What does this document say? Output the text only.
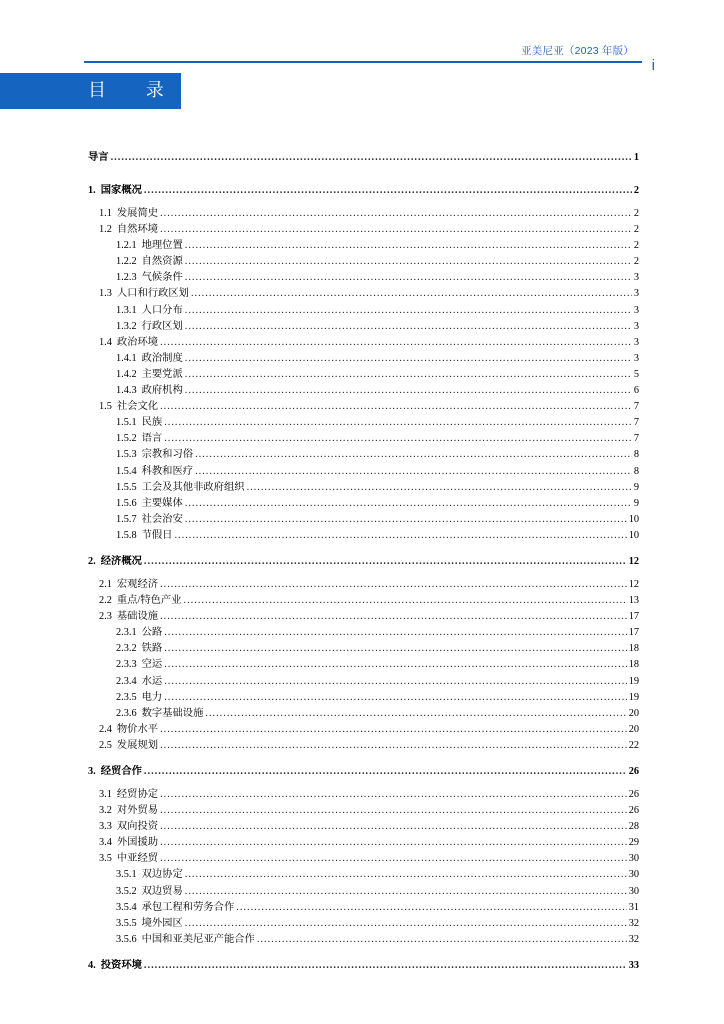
亚美尼亚（2023 年版）
i
目 录
导言 .....	1
1. 国家概况 .....	2
1.1 发展简史 .....	2
1.2 自然环境 .....	2
1.2.1 地理位置 .....	2
1.2.2 自然资源 .....	2
1.2.3 气候条件 .....	3
1.3 人口和行政区划 .....	3
1.3.1 人口分布 .....	3
1.3.2 行政区划 .....	3
1.4 政治环境 .....	3
1.4.1 政治制度 .....	3
1.4.2 主要党派 .....	5
1.4.3 政府机构 .....	6
1.5 社会文化 .....	7
1.5.1 民族 .....	7
1.5.2 语言 .....	7
1.5.3 宗教和习俗 .....	8
1.5.4 科教和医疗 .....	8
1.5.5 工会及其他非政府组织 .....	9
1.5.6 主要媒体 .....	9
1.5.7 社会治安 .....	10
1.5.8 节假日 .....	10
2. 经济概况 .....	12
2.1 宏观经济 .....	12
2.2 重点/特色产业 .....	13
2.3 基础设施 .....	17
2.3.1 公路 .....	17
2.3.2 铁路 .....	18
2.3.3 空运 .....	18
2.3.4 水运 .....	19
2.3.5 电力 .....	19
2.3.6 数字基础设施 .....	20
2.4 物价水平 .....	20
2.5 发展规划 .....	22
3. 经贸合作 .....	26
3.1 经贸协定 .....	26
3.2 对外贸易 .....	26
3.3 双向投资 .....	28
3.4 外国援助 .....	29
3.5 中亚经贸 .....	30
3.5.1 双边协定 .....	30
3.5.2 双边贸易 .....	30
3.5.4 承包工程和劳务合作 .....	31
3.5.5 境外园区 .....	32
3.5.6 中国和亚美尼亚产能合作 .....	32
4. 投资环境 .....	33
